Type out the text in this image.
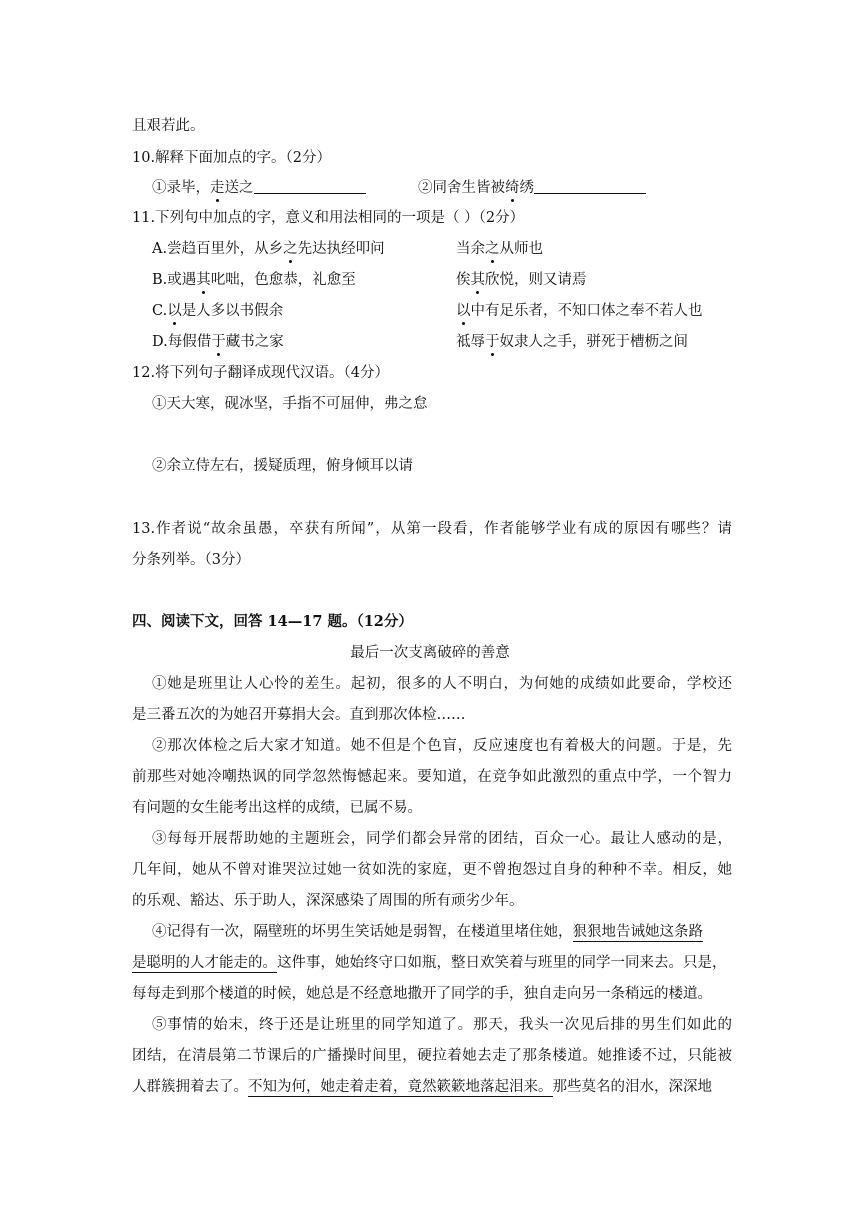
且艰若此。
10.解释下面加点的字。（2分）
①录毕，走送之	②同舍生皆被绮绣
11.下列句中加点的字，意义和用法相同的一项是（ ）（2分）
A.尝趋百里外，从乡之先达执经叩问	当余之从师也
B.或遇其叱咄，色愈恭，礼愈至	俟其欣悦，则又请焉
C.以是人多以书假余	以中有足乐者，不知口体之奉不若人也
D.每假借于藏书之家	祗辱于奴隶人之手，骈死于槽枥之间
12.将下列句子翻译成现代汉语。（4分）
①天大寒，砚冰坚，手指不可屈伸，弗之怠
②余立侍左右，援疑质理，俯身倾耳以请
13.作者说“故余虽愚，卒获有所闻”，从第一段看，作者能够学业有成的原因有哪些？请
分条列举。（3分）
四、阅读下文，回答 14—17 题。（12分）
最后一次支离破碎的善意
①她是班里让人心怜的差生。起初，很多的人不明白，为何她的成绩如此要命，学校还
是三番五次的为她召开募捐大会。直到那次体检……
②那次体检之后大家才知道。她不但是个色盲，反应速度也有着极大的问题。于是，先
前那些对她冷嘲热讽的同学忽然悔憾起来。要知道，在竞争如此激烈的重点中学，一个智力
有问题的女生能考出这样的成绩，已属不易。
③每每开展帮助她的主题班会，同学们都会异常的团结，百众一心。最让人感动的是，
几年间，她从不曾对谁哭泣过她一贫如洗的家庭，更不曾抱怨过自身的种种不幸。相反，她
的乐观、豁达、乐于助人，深深感染了周围的所有顽劣少年。
④记得有一次，隔壁班的坏男生笑话她是弱智，在楼道里堵住她，狠狠地告诫她这条路
是聪明的人才能走的。这件事，她始终守口如瓶，整日欢笑着与班里的同学一同来去。只是，
每每走到那个楼道的时候，她总是不经意地撒开了同学的手，独自走向另一条稍远的楼道。
⑤事情的始末，终于还是让班里的同学知道了。那天，我头一次见后排的男生们如此的
团结，在清晨第二节课后的广播操时间里，硬拉着她去走了那条楼道。她推诿不过，只能被
人群簇拥着去了。不知为何，她走着走着，竟然簌簌地落起泪来。那些莫名的泪水，深深地
